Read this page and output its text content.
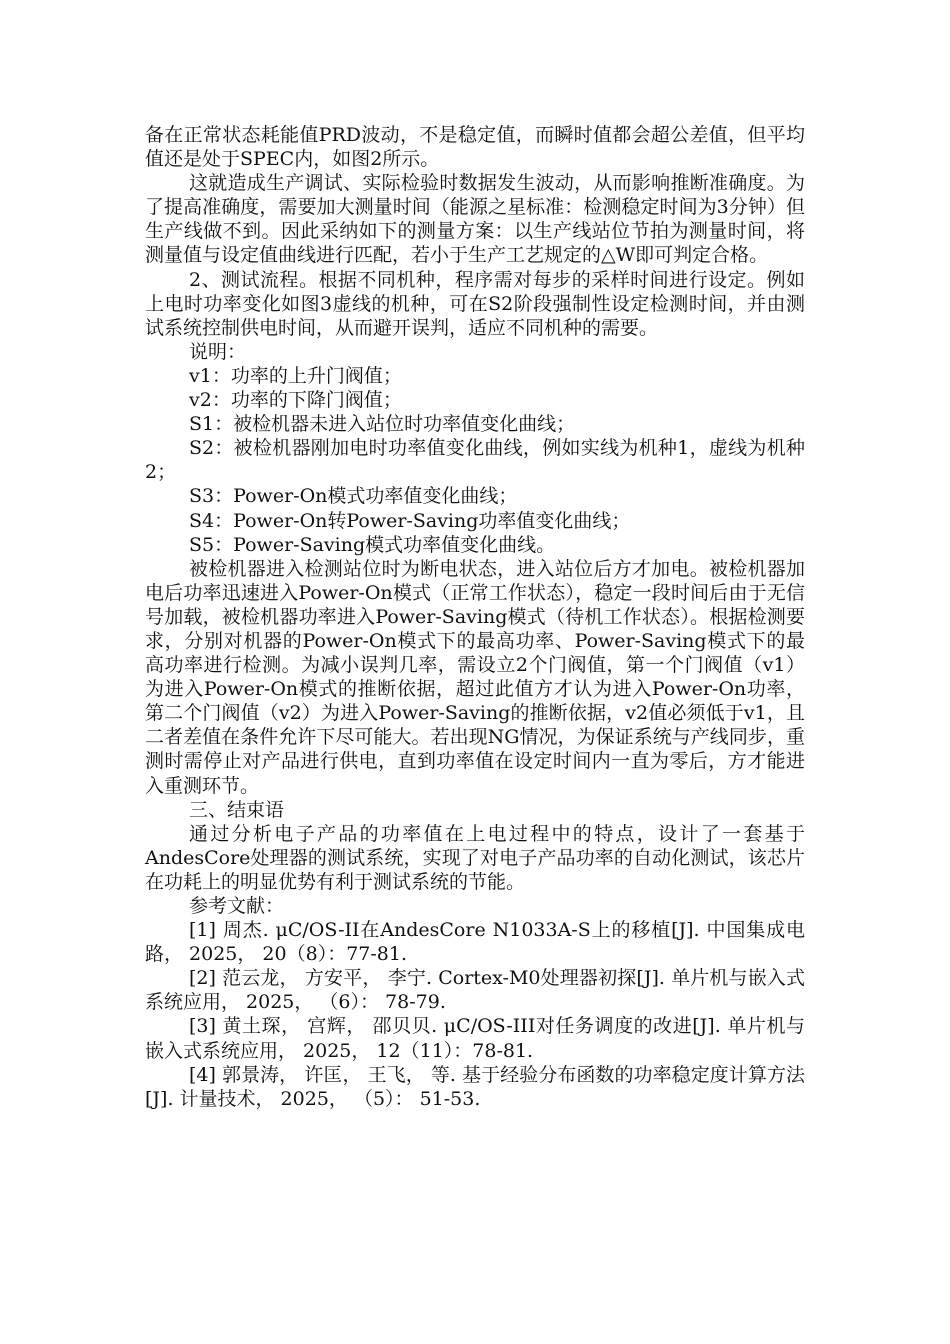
备在正常状态耗能值PRD波动，不是稳定值，而瞬时值都会超公差值，但平均值还是处于SPEC内，如图2所示。

这就造成生产调试、实际检验时数据发生波动，从而影响推断准确度。为了提高准确度，需要加大测量时间（能源之星标准：检测稳定时间为3分钟）但生产线做不到。因此采纳如下的测量方案：以生产线站位节拍为测量时间，将测量值与设定值曲线进行匹配，若小于生产工艺规定的△W即可判定合格。

2、测试流程。根据不同机种，程序需对每步的采样时间进行设定。例如上电时功率变化如图3虚线的机种，可在S2阶段强制性设定检测时间，并由测试系统控制供电时间，从而避开误判，适应不同机种的需要。

说明：

v1：功率的上升门阀值；

v2：功率的下降门阀值；

S1：被检机器未进入站位时功率值变化曲线；

S2：被检机器刚加电时功率值变化曲线，例如实线为机种1，虚线为机种2；

S3：Power-On模式功率值变化曲线；

S4：Power-On转Power-Saving功率值变化曲线；

S5：Power-Saving模式功率值变化曲线。

被检机器进入检测站位时为断电状态，进入站位后方才加电。被检机器加电后功率迅速进入Power-On模式（正常工作状态），稳定一段时间后由于无信号加载，被检机器功率进入Power-Saving模式（待机工作状态）。根据检测要求，分别对机器的Power-On模式下的最高功率、Power-Saving模式下的最高功率进行检测。为减小误判几率，需设立2个门阀值，第一个门阀值（v1）为进入Power-On模式的推断依据，超过此值方才认为进入Power-On功率，第二个门阀值（v2）为进入Power-Saving的推断依据，v2值必须低于v1，且二者差值在条件允许下尽可能大。若出现NG情况，为保证系统与产线同步，重测时需停止对产品进行供电，直到功率值在设定时间内一直为零后，方才能进入重测环节。

三、结束语

通过分析电子产品的功率值在上电过程中的特点，设计了一套基于AndesCore处理器的测试系统，实现了对电子产品功率的自动化测试，该芯片在功耗上的明显优势有利于测试系统的节能。

参考文献：

[1] 周杰. μC/OS-II在AndesCore N1033A-S上的移植[J]. 中国集成电路， 2025， 20（8）：77-81.

[2] 范云龙， 方安平， 李宁. Cortex-M0处理器初探[J]. 单片机与嵌入式系统应用， 2025， （6）： 78-79.

[3] 黄土琛， 宫辉， 邵贝贝. μC/OS-III对任务调度的改进[J]. 单片机与嵌入式系统应用， 2025， 12（11）：78-81.

[4] 郭景涛， 许匡， 王飞， 等. 基于经验分布函数的功率稳定度计算方法[J]. 计量技术， 2025， （5）： 51-53.
